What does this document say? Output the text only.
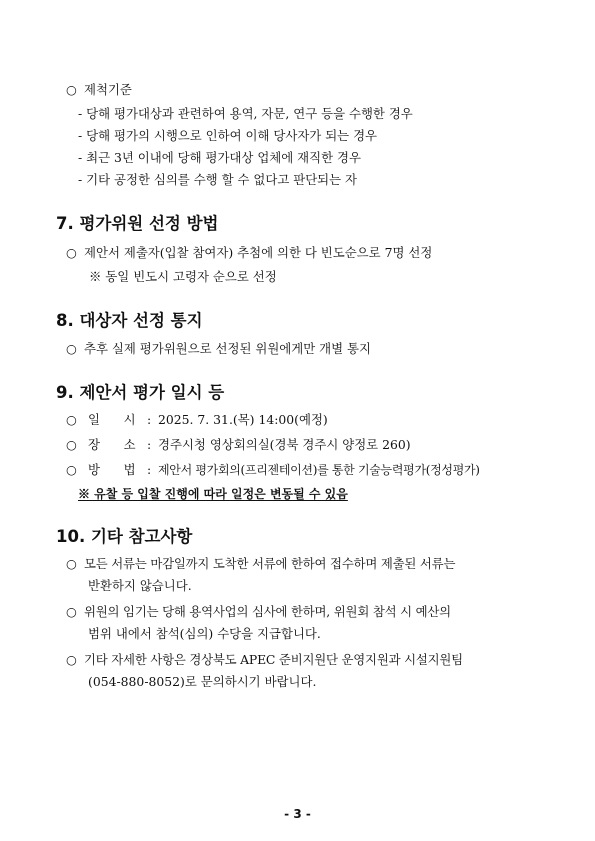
○ 제척기준
- 당해 평가대상과 관련하여 용역, 자문, 연구 등을 수행한 경우
- 당해 평가의 시행으로 인하여 이해 당사자가 되는 경우
- 최근 3년 이내에 당해 평가대상 업체에 재직한 경우
- 기타 공정한 심의를 수행 할 수 없다고 판단되는 자
7. 평가위원 선정 방법
○ 제안서 제출자(입찰 참여자) 추첨에 의한 다 빈도순으로 7명 선정
※ 동일 빈도시 고령자 순으로 선정
8. 대상자 선정 통지
○ 추후 실제 평가위원으로 선정된 위원에게만 개별 통지
9. 제안서 평가 일시 등
○ 일      시 : 2025. 7. 31.(목) 14:00(예정)
○ 장      소 : 경주시청 영상회의실(경북 경주시 양정로 260)
○ 방      법 : 제안서 평가회의(프리젠테이션)를 통한 기술능력평가(정성평가)
※ 유찰 등 입찰 진행에 따라 일정은 변동될 수 있음
10. 기타 참고사항
○ 모든 서류는 마감일까지 도착한 서류에 한하여 접수하며 제출된 서류는
반환하지 않습니다.
○ 위원의 임기는 당해 용역사업의 심사에 한하며, 위원회 참석 시 예산의
범위 내에서 참석(심의) 수당을 지급합니다.
○ 기타 자세한 사항은 경상북도 APEC 준비지원단 운영지원과 시설지원팀
(054-880-8052)로 문의하시기 바랍니다.
- 3 -
